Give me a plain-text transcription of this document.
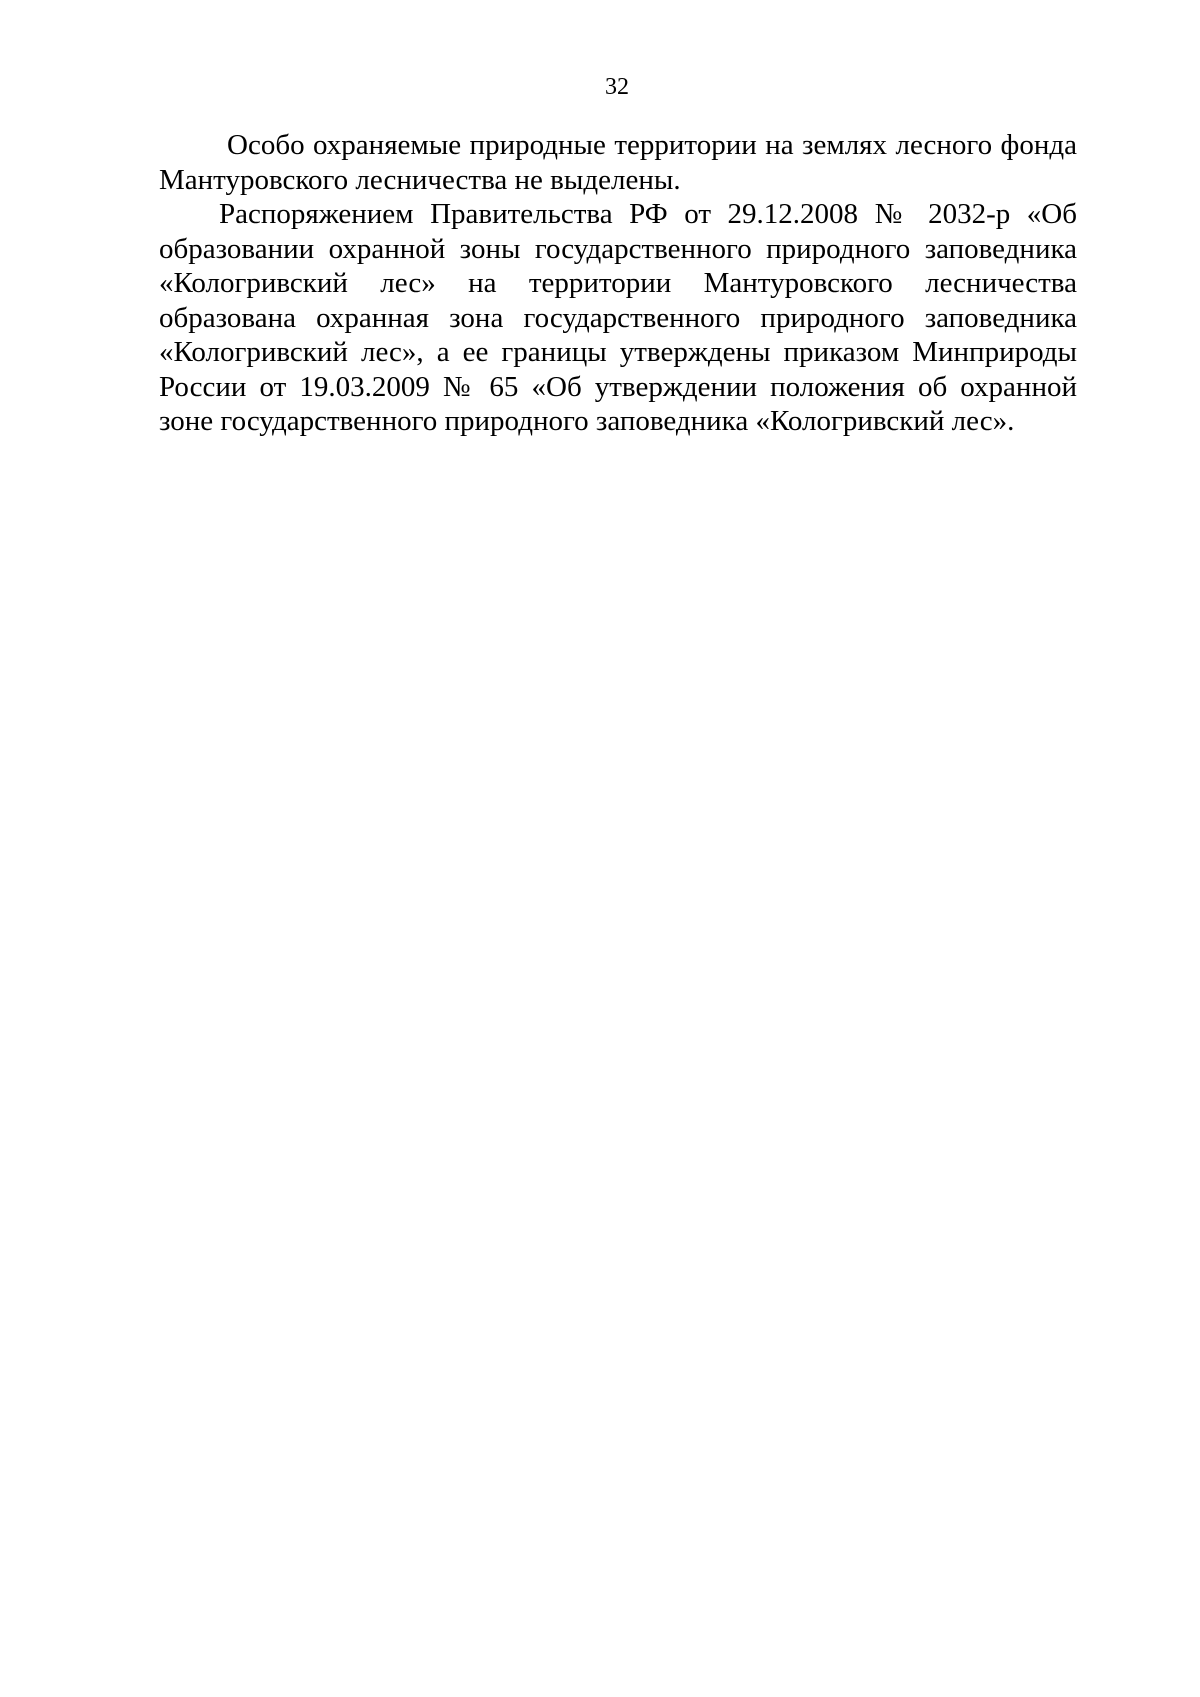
32

Особо охраняемые природные территории на землях лесного фонда Мантуровского лесничества не выделены.

Распоряжением Правительства РФ от 29.12.2008 № 2032-р «Об образовании охранной зоны государственного природного заповедника «Кологривский лес» на территории Мантуровского лесничества образована охранная зона государственного природного заповедника «Кологривский лес», а ее границы утверждены приказом Минприроды России от 19.03.2009 № 65 «Об утверждении положения об охранной зоне государственного природного заповедника «Кологривский лес».
